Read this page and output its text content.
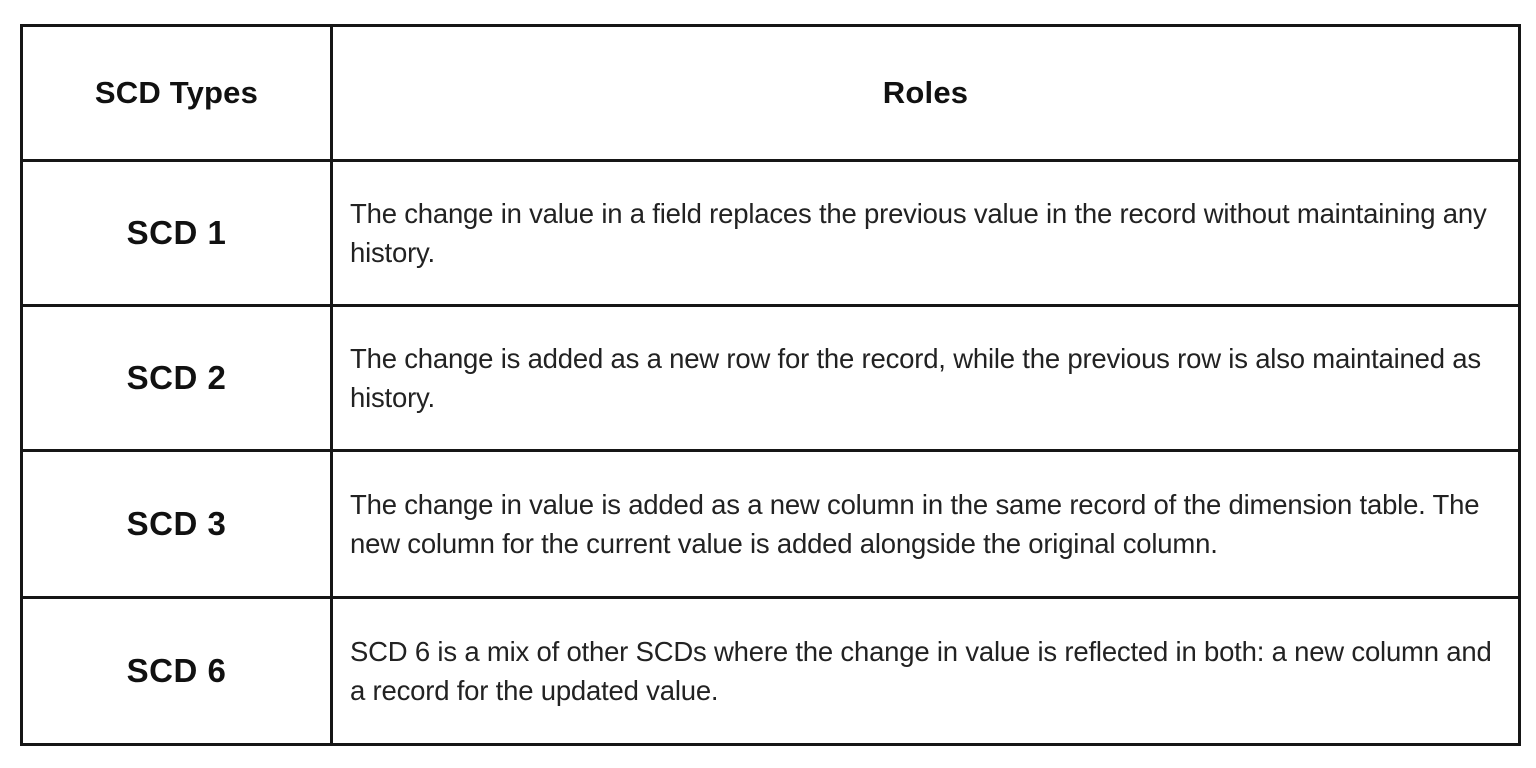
SCD Types	Roles
SCD 1	The change in value in a field replaces the previous value in the record without maintaining any history.
SCD 2	The change is added as a new row for the record, while the previous row is also maintained as history.
SCD 3	The change in value is added as a new column in the same record of the dimension table. The new column for the current value is added alongside the original column.
SCD 6	SCD 6 is a mix of other SCDs where the change in value is reflected in both: a new column and a record for the updated value.
